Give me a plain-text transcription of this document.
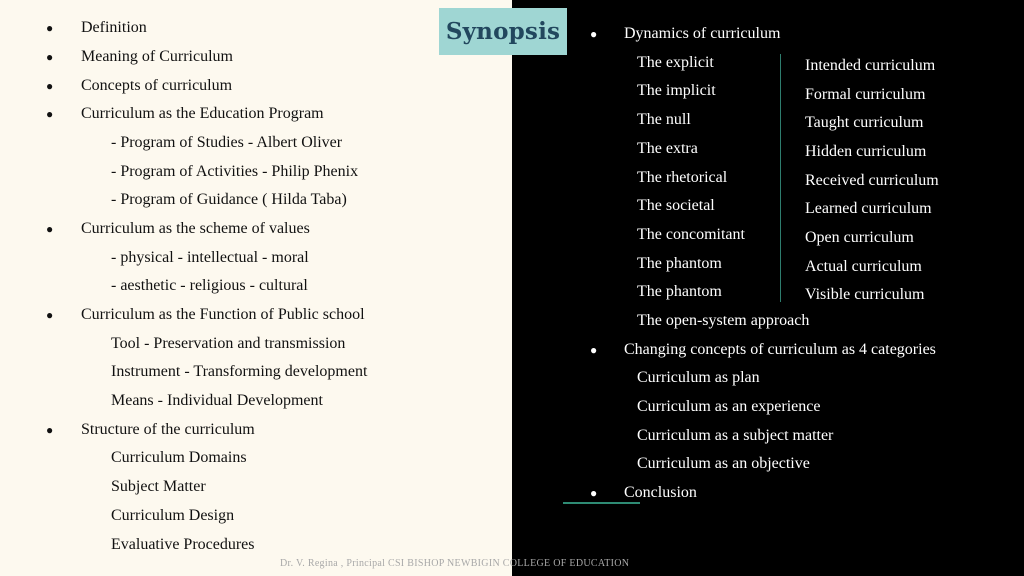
● Definition
● Meaning of Curriculum
● Concepts of curriculum
● Curriculum as the Education Program
- Program of Studies - Albert Oliver
- Program of Activities - Philip Phenix
- Program of Guidance ( Hilda Taba)
● Curriculum as the scheme of values
- physical - intellectual - moral
- aesthetic - religious - cultural
● Curriculum as the Function of Public school
Tool - Preservation and transmission
Instrument - Transforming development
Means - Individual Development
● Structure of the curriculum
Curriculum Domains
Subject Matter
Curriculum Design
Evaluative Procedures
● Dynamics of curriculum
The explicit
The implicit
The null
The extra
The rhetorical
The societal
The concomitant
The phantom
The phantom
Intended curriculum
Formal curriculum
Taught curriculum
Hidden curriculum
Received curriculum
Learned curriculum
Open curriculum
Actual curriculum
Visible curriculum
The open-system approach
● Changing concepts of curriculum as 4 categories
Curriculum as plan
Curriculum as an experience
Curriculum as a subject matter
Curriculum as an objective
● Conclusion
Synopsis
Dr. V. Regina , Principal CSI BISHOP NEWBIGIN COLLEGE OF EDUCATION
